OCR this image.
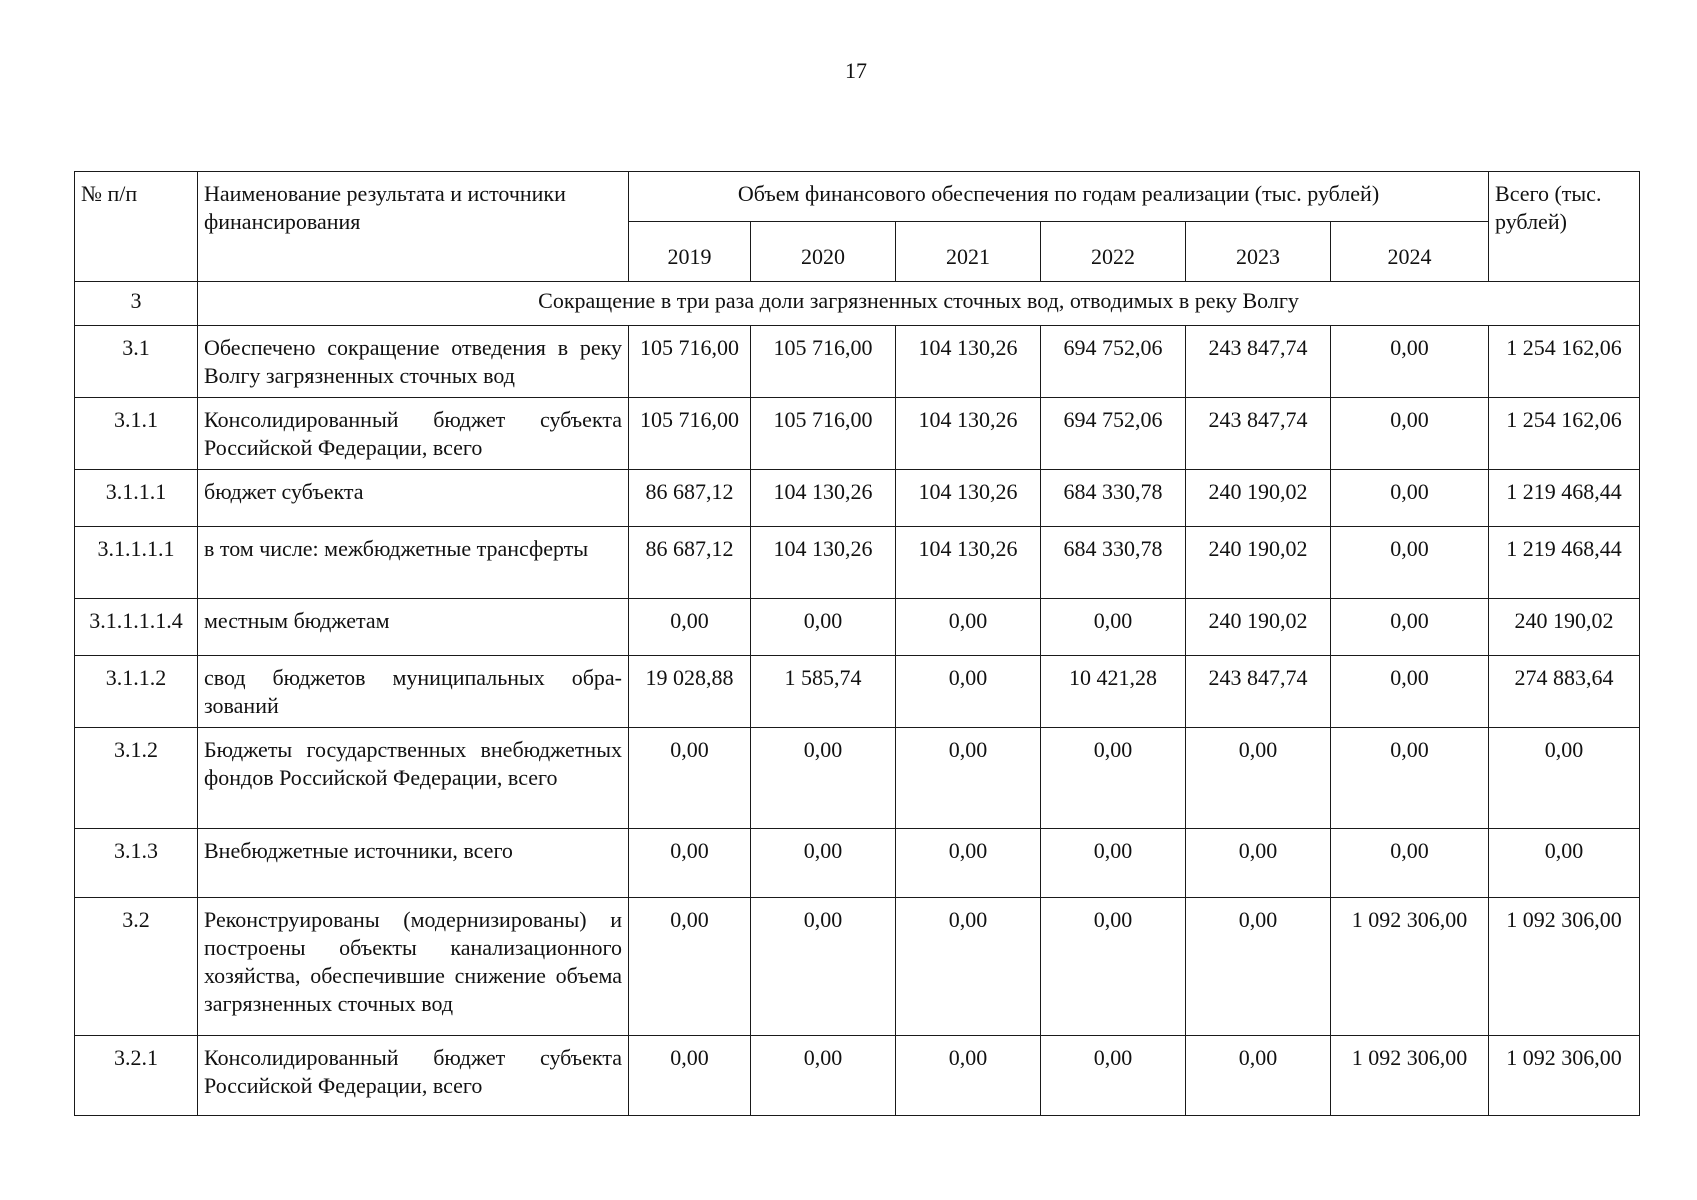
17
№ п/п	Наименование результата и источники финансирования	Объем финансового обеспечения по годам реализации (тыс. рублей)						Всего (тыс. рублей)
		2019	2020	2021	2022	2023	2024	
3	Сокращение в три раза доли загрязненных сточных вод, отводимых в реку Волгу							
3.1	Обеспечено сокращение отведения в реку Волгу загрязненных сточных вод	105 716,00	105 716,00	104 130,26	694 752,06	243 847,74	0,00	1 254 162,06
3.1.1	Консолидированный бюджет субъекта Российской Федерации, всего	105 716,00	105 716,00	104 130,26	694 752,06	243 847,74	0,00	1 254 162,06
3.1.1.1	бюджет субъекта	86 687,12	104 130,26	104 130,26	684 330,78	240 190,02	0,00	1 219 468,44
3.1.1.1.1	в том числе: межбюджетные трансферты	86 687,12	104 130,26	104 130,26	684 330,78	240 190,02	0,00	1 219 468,44
3.1.1.1.1.4	местным бюджетам	0,00	0,00	0,00	0,00	240 190,02	0,00	240 190,02
3.1.1.2	свод бюджетов муниципальных образований	19 028,88	1 585,74	0,00	10 421,28	243 847,74	0,00	274 883,64
3.1.2	Бюджеты государственных внебюджетных фондов Российской Федерации, всего	0,00	0,00	0,00	0,00	0,00	0,00	0,00
3.1.3	Внебюджетные источники, всего	0,00	0,00	0,00	0,00	0,00	0,00	0,00
3.2	Реконструированы (модернизированы) и построены объекты канализационного хозяйства, обеспечившие снижение объема загрязненных сточных вод	0,00	0,00	0,00	0,00	0,00	1 092 306,00	1 092 306,00
3.2.1	Консолидированный бюджет субъекта Российской Федерации, всего	0,00	0,00	0,00	0,00	0,00	1 092 306,00	1 092 306,00
